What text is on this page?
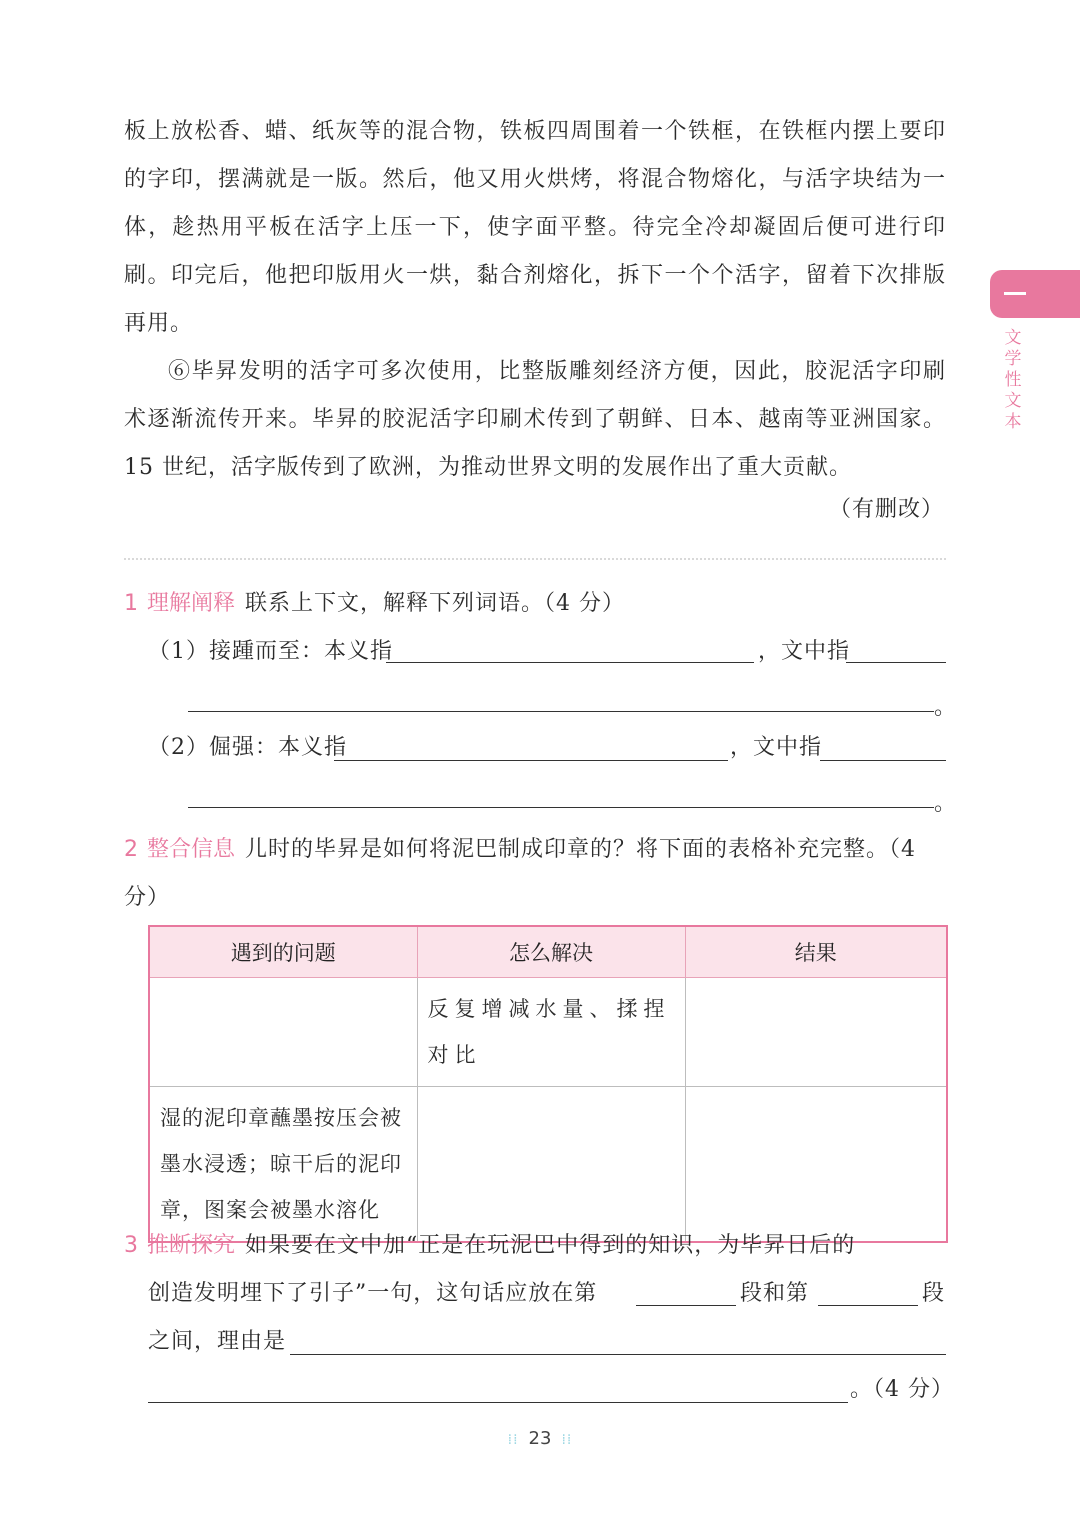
板上放松香、蜡、纸灰等的混合物，铁板四周围着一个铁框，在铁框内摆上要印的字印，摆满就是一版。然后，他又用火烘烤，将混合物熔化，与活字块结为一体，趁热用平板在活字上压一下，使字面平整。待完全冷却凝固后便可进行印刷。印完后，他把印版用火一烘，黏合剂熔化，拆下一个个活字，留着下次排版再用。

⑥毕昇发明的活字可多次使用，比整版雕刻经济方便，因此，胶泥活字印刷术逐渐流传开来。毕昇的胶泥活字印刷术传到了朝鲜、日本、越南等亚洲国家。15 世纪，活字版传到了欧洲，为推动世界文明的发展作出了重大贡献。

（有删改）
文学性文本
1 理解阐释 联系上下文，解释下列词语。（4 分）
（1）接踵而至：本义指	，文中指
。
（2）倔强：本义指	，文中指
。
2 整合信息 儿时的毕昇是如何将泥巴制成印章的？将下面的表格补充完整。（4 分）
遇到的问题	怎么解决	结果
	反复增减水量、揉捏对比	
湿的泥印章蘸墨按压会被墨水浸透；晾干后的泥印章，图案会被墨水溶化		
3 推断探究 如果要在文中加“正是在玩泥巴中得到的知识，为毕昇日后的
创造发明埋下了引子”一句，这句话应放在第	段和第	段
之间，理由是
。（4 分）
⁞⁞ 23 ⁞⁞
